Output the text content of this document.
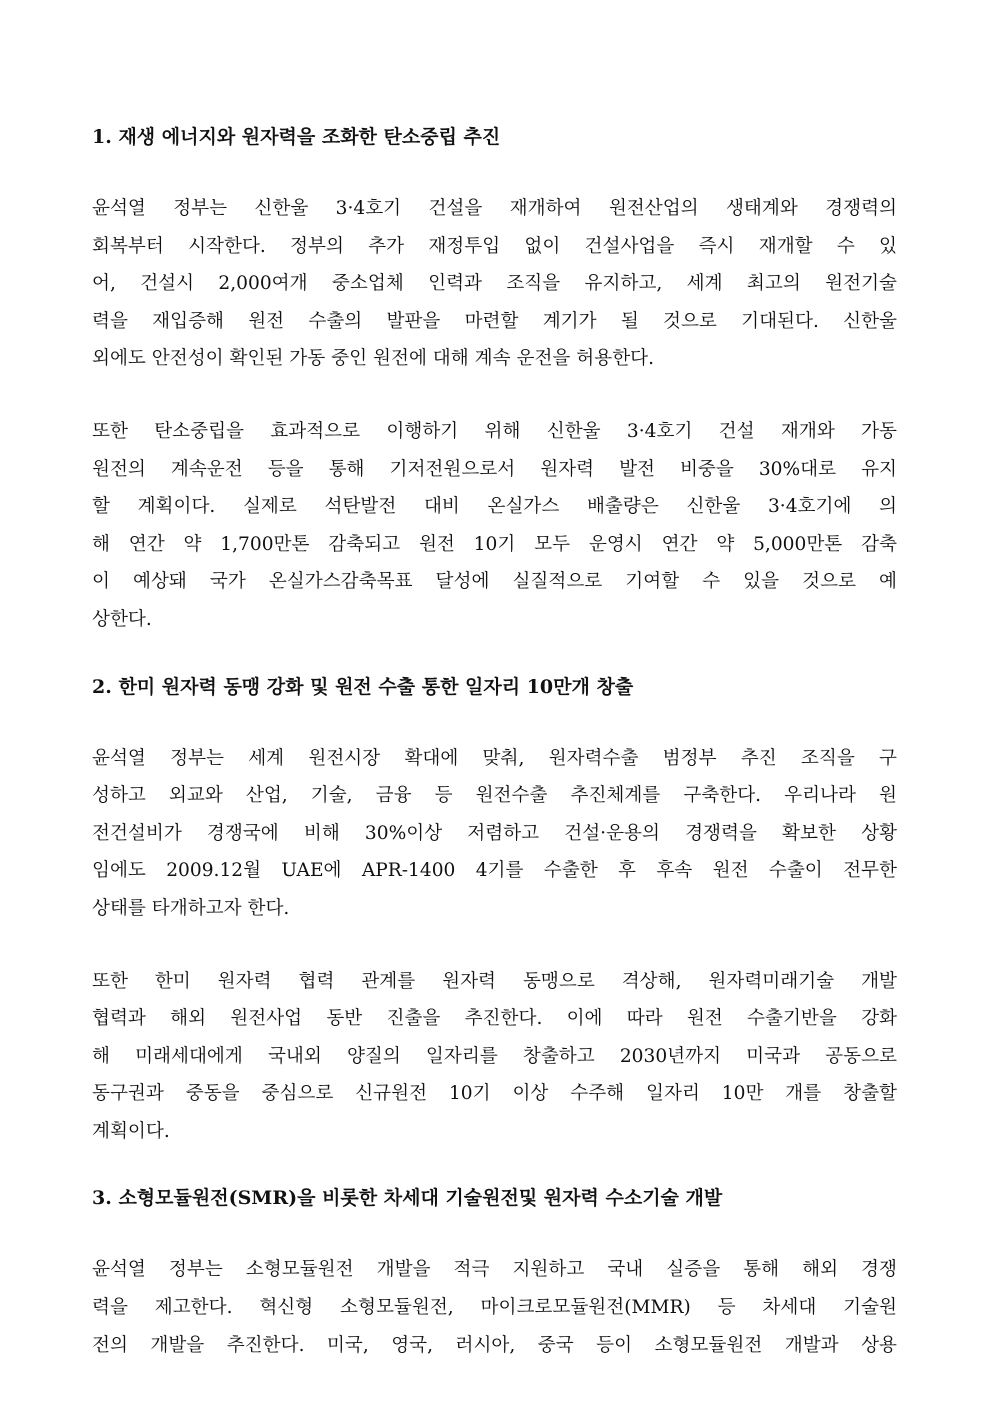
1. 재생 에너지와 원자력을 조화한 탄소중립 추진
윤석열 정부는 신한울 3·4호기 건설을 재개하여 원전산업의 생태계와 경쟁력의
회복부터 시작한다. 정부의 추가 재정투입 없이 건설사업을 즉시 재개할 수 있
어, 건설시 2,000여개 중소업체 인력과 조직을 유지하고, 세계 최고의 원전기술
력을 재입증해 원전 수출의 발판을 마련할 계기가 될 것으로 기대된다. 신한울
외에도 안전성이 확인된 가동 중인 원전에 대해 계속 운전을 허용한다.
또한 탄소중립을 효과적으로 이행하기 위해 신한울 3·4호기 건설 재개와 가동
원전의 계속운전 등을 통해 기저전원으로서 원자력 발전 비중을 30%대로 유지
할 계획이다. 실제로 석탄발전 대비 온실가스 배출량은 신한울 3·4호기에 의
해 연간 약 1,700만톤 감축되고 원전 10기 모두 운영시 연간 약 5,000만톤 감축
이 예상돼 국가 온실가스감축목표 달성에 실질적으로 기여할 수 있을 것으로 예
상한다.
2. 한미 원자력 동맹 강화 및 원전 수출 통한 일자리 10만개 창출
윤석열 정부는 세계 원전시장 확대에 맞춰, 원자력수출 범정부 추진 조직을 구
성하고 외교와 산업, 기술, 금융 등 원전수출 추진체계를 구축한다. 우리나라 원
전건설비가 경쟁국에 비해 30%이상 저렴하고 건설·운용의 경쟁력을 확보한 상황
임에도 2009.12월 UAE에 APR-1400 4기를 수출한 후 후속 원전 수출이 전무한
상태를 타개하고자 한다.
또한 한미 원자력 협력 관계를 원자력 동맹으로 격상해, 원자력미래기술 개발
협력과 해외 원전사업 동반 진출을 추진한다. 이에 따라 원전 수출기반을 강화
해 미래세대에게 국내외 양질의 일자리를 창출하고 2030년까지 미국과 공동으로
동구권과 중동을 중심으로 신규원전 10기 이상 수주해 일자리 10만 개를 창출할
계획이다.
3. 소형모듈원전(SMR)을 비롯한 차세대 기술원전및 원자력 수소기술 개발
윤석열 정부는 소형모듈원전 개발을 적극 지원하고 국내 실증을 통해 해외 경쟁
력을 제고한다. 혁신형 소형모듈원전, 마이크로모듈원전(MMR) 등 차세대 기술원
전의 개발을 추진한다. 미국, 영국, 러시아, 중국 등이 소형모듈원전 개발과 상용
